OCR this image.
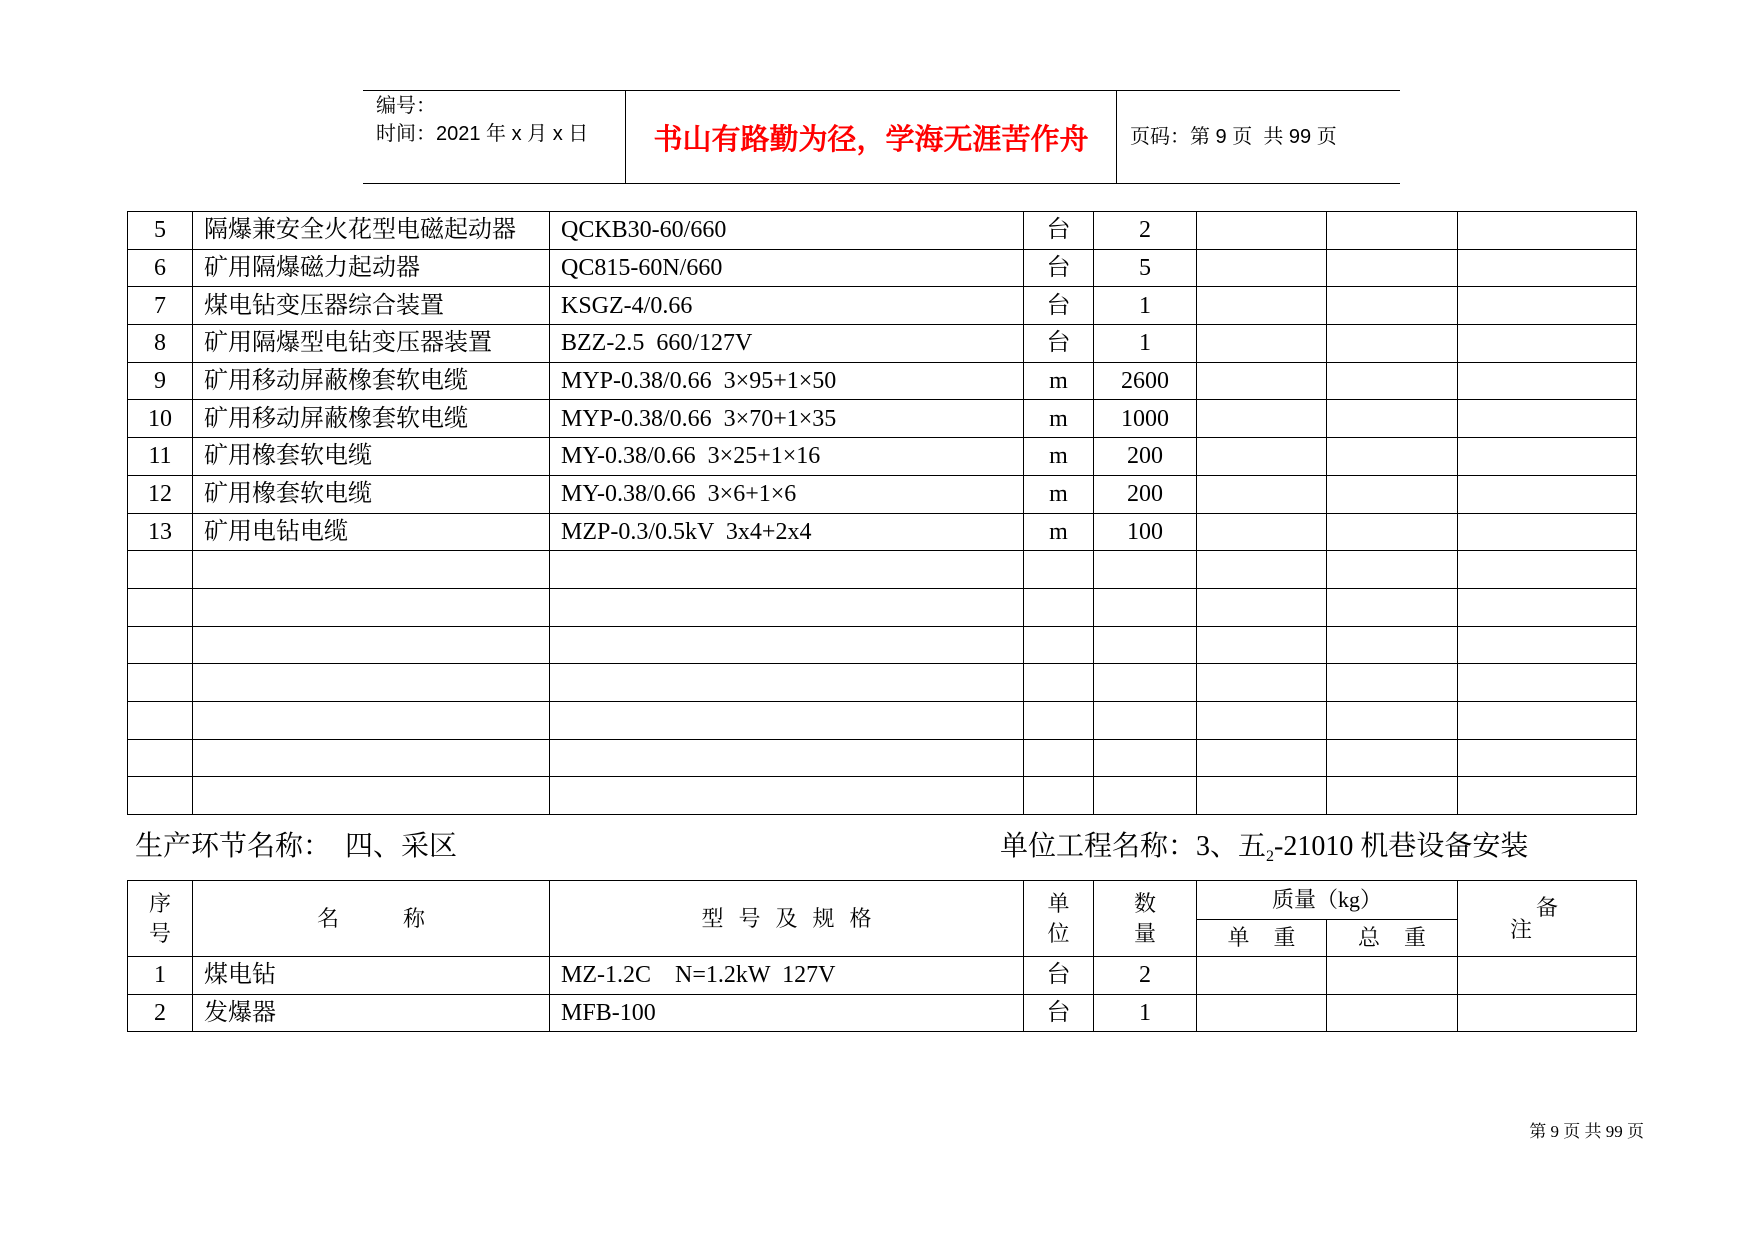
编号：
时间：2021 年 x 月 x 日 书山有路勤为径，学海无涯苦作舟 页码：第 9 页  共 99 页
5	隔爆兼安全火花型电磁起动器	QCKB30-60/660	台	2			
6	矿用隔爆磁力起动器	QC815-60N/660	台	5			
7	煤电钻变压器综合装置	KSGZ-4/0.66	台	1			
8	矿用隔爆型电钻变压器装置	BZZ-2.5  660/127V	台	1			
9	矿用移动屏蔽橡套软电缆	MYP-0.38/0.66  3×95+1×50	m	2600			
10	矿用移动屏蔽橡套软电缆	MYP-0.38/0.66  3×70+1×35	m	1000			
11	矿用橡套软电缆	MY-0.38/0.66  3×25+1×16	m	200			
12	矿用橡套软电缆	MY-0.38/0.66  3×6+1×6	m	200			
13	矿用电钻电缆	MZP-0.3/0.5kV  3x4+2x4	m	100			

生产环节名称：  四、采区	单位工程名称：3、五$_2$-21010 机巷设备安装
序号	名称	型号及规格	单位	数量	质量（kg）		备注
					单重	总重	
1	煤电钻	MZ-1.2C    N=1.2kW  127V	台	2			
2	发爆器	MFB-100	台	1			
第 9 页 共 99 页
